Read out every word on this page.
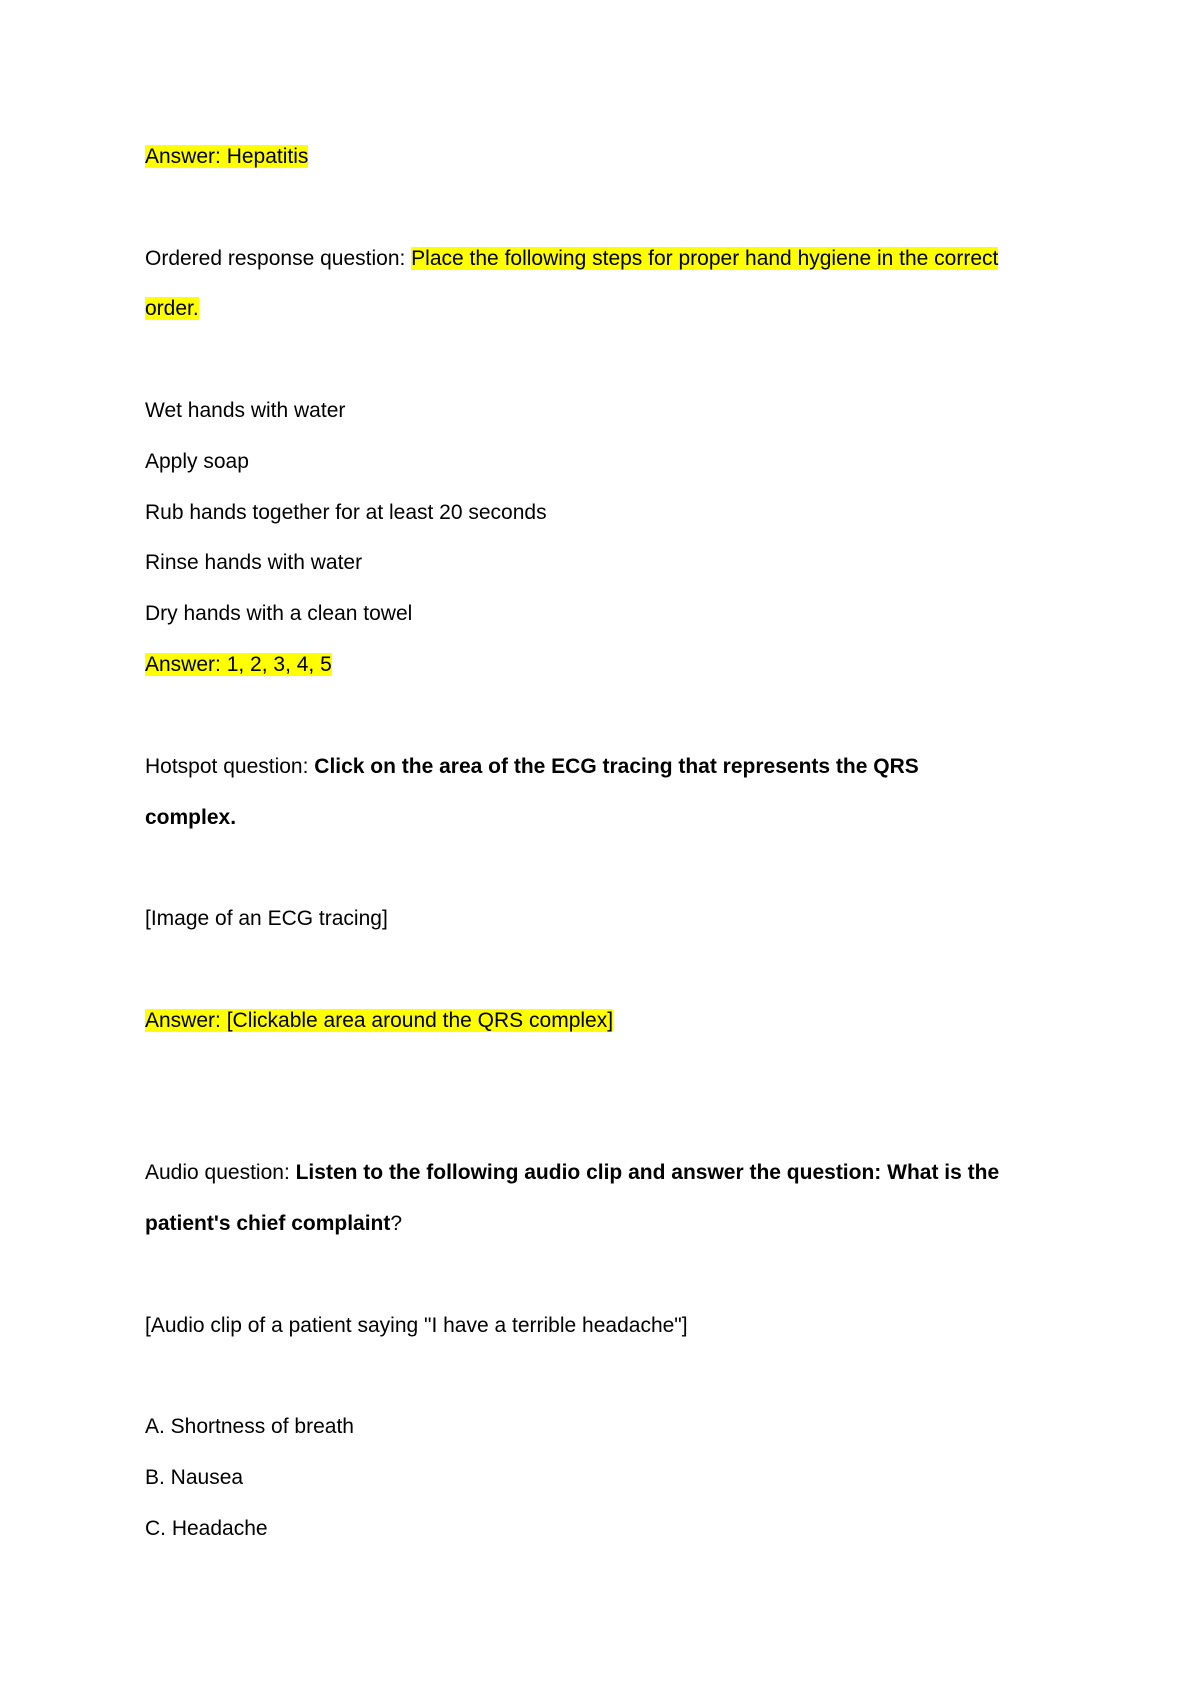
Answer: Hepatitis
Ordered response question: Place the following steps for proper hand hygiene in the correct
order.
Wet hands with water
Apply soap
Rub hands together for at least 20 seconds
Rinse hands with water
Dry hands with a clean towel
Answer: 1, 2, 3, 4, 5
Hotspot question: Click on the area of the ECG tracing that represents the QRS
complex.
[Image of an ECG tracing]
Answer: [Clickable area around the QRS complex]
Audio question: Listen to the following audio clip and answer the question: What is the
patient's chief complaint?
[Audio clip of a patient saying "I have a terrible headache"]
A. Shortness of breath
B. Nausea
C. Headache
